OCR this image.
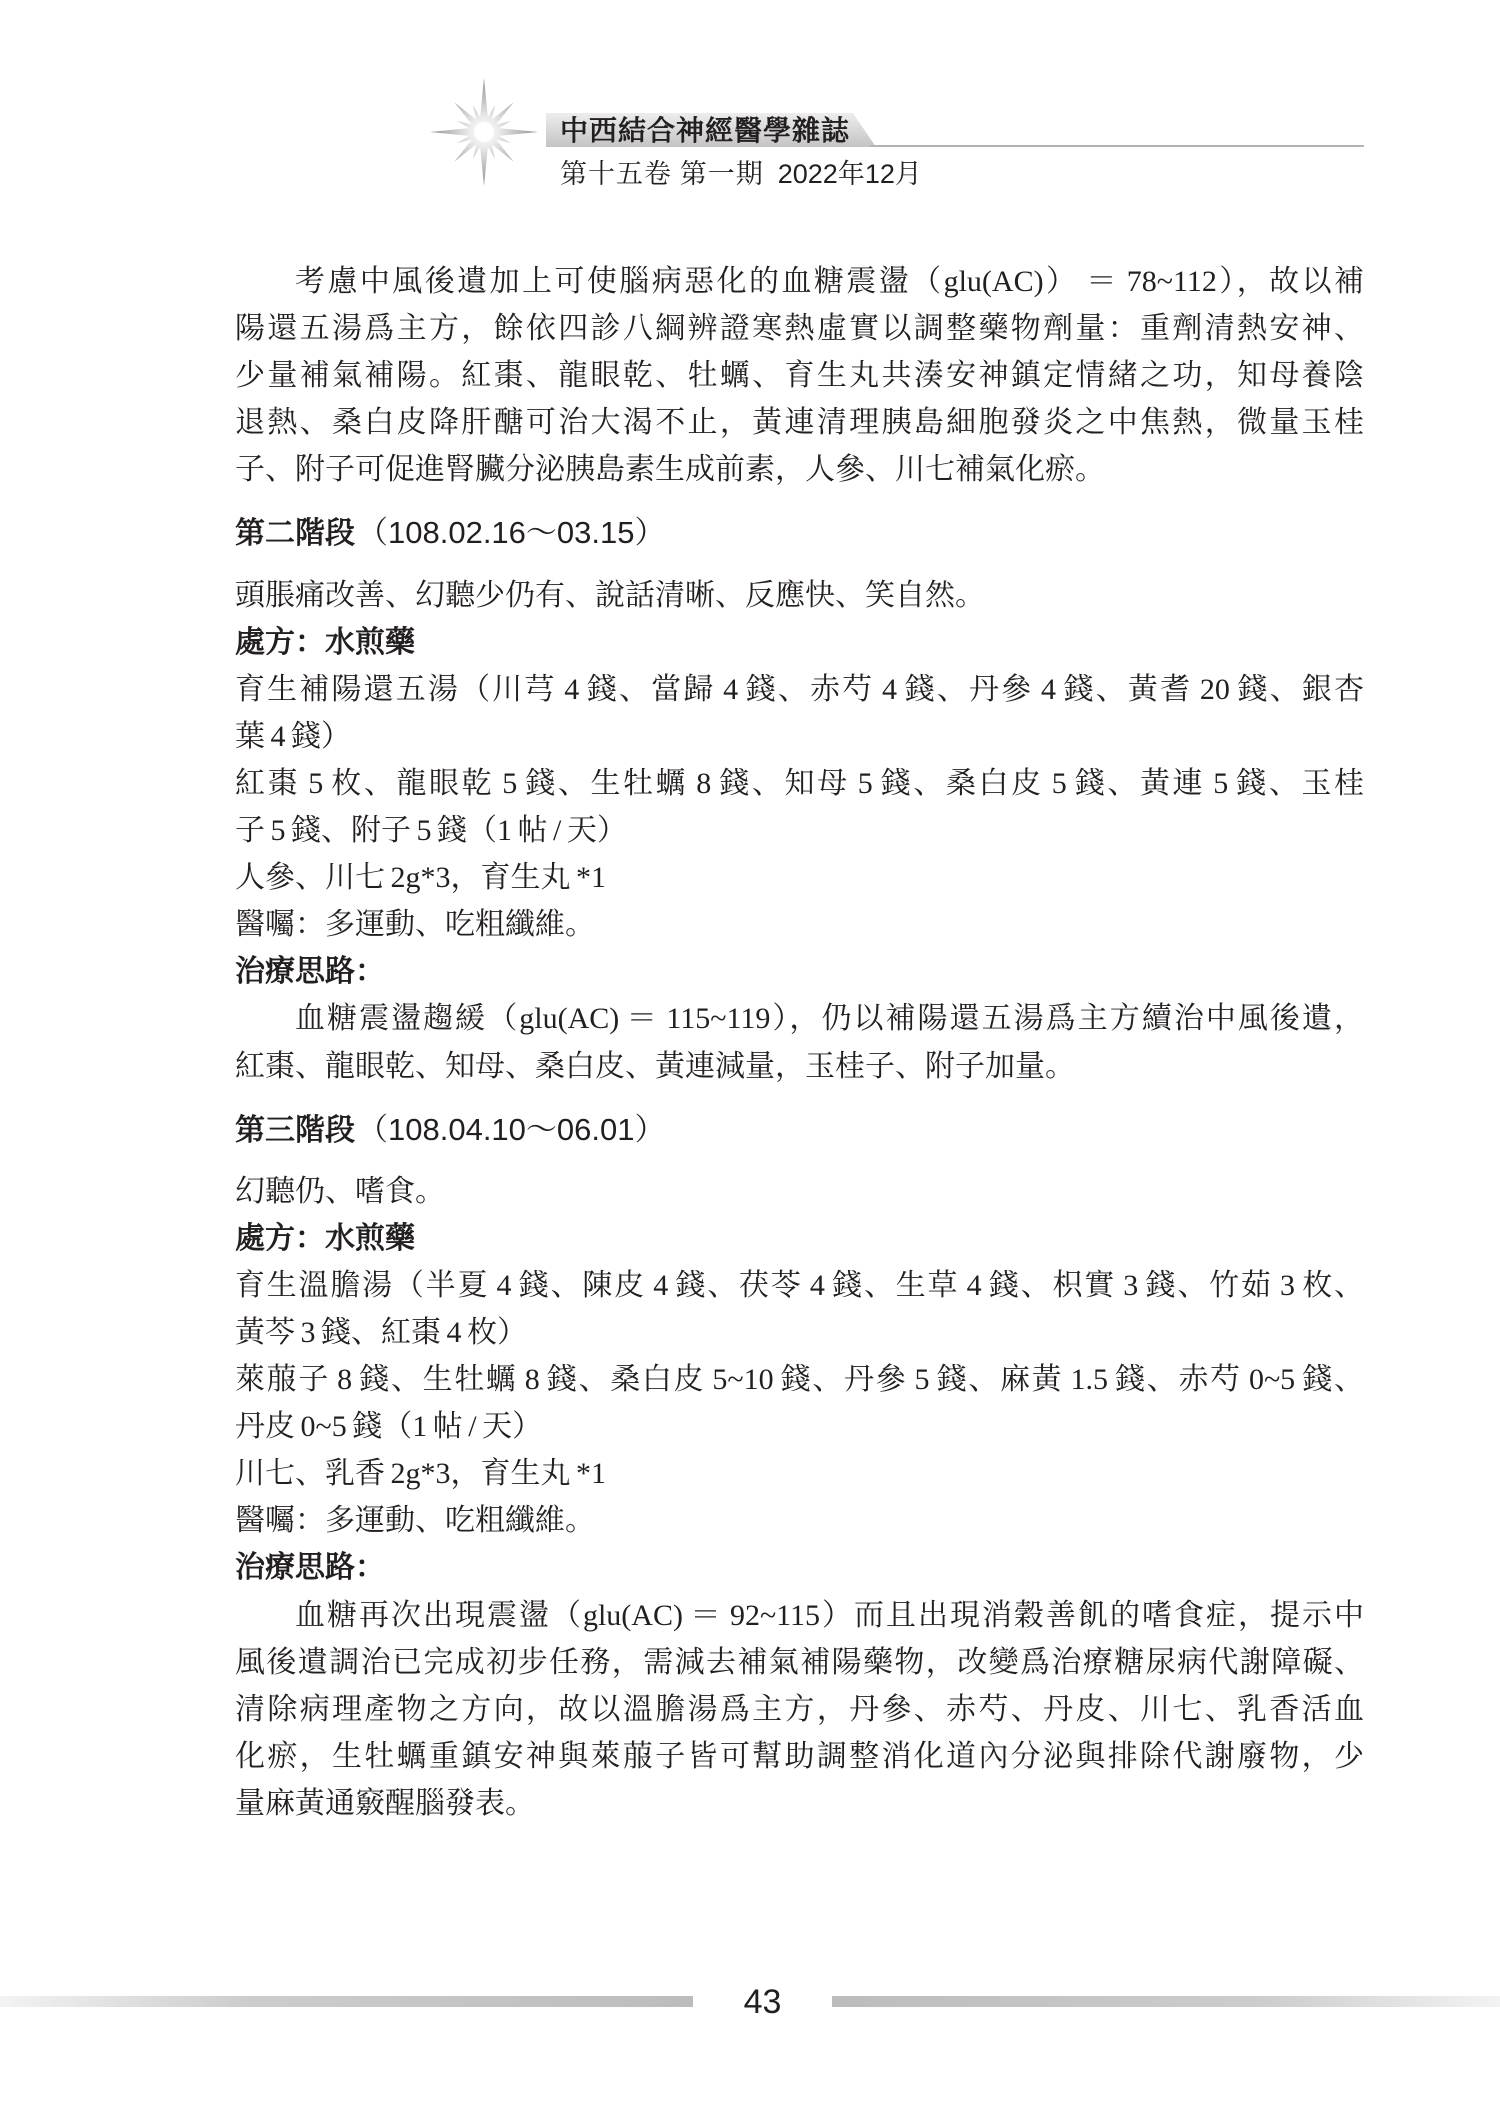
中西結合神經醫學雜誌
第十五卷 第一期 2022年12月
考慮中風後遺加上可使腦病惡化的血糖震盪（glu(AC)） ＝ 78~112），故以補
陽還五湯爲主方，餘依四診八綱辨證寒熱虛實以調整藥物劑量：重劑清熱安神、
少量補氣補陽。紅棗、龍眼乾、牡蠣、育生丸共湊安神鎮定情緒之功，知母養陰
退熱、桑白皮降肝醣可治大渴不止，黃連清理胰島細胞發炎之中焦熱，微量玉桂
子、附子可促進腎臟分泌胰島素生成前素，人參、川七補氣化瘀。
第二階段（108.02.16～03.15）
頭脹痛改善、幻聽少仍有、說話清晰、反應快、笑自然。
處方：水煎藥
育生補陽還五湯（川芎 4 錢、當歸 4 錢、赤芍 4 錢、丹參 4 錢、黃耆 20 錢、銀杏
葉 4 錢）
紅棗 5 枚、龍眼乾 5 錢、生牡蠣 8 錢、知母 5 錢、桑白皮 5 錢、黃連 5 錢、玉桂
子 5 錢、附子 5 錢（1 帖 / 天）
人參、川七 2g*3，育生丸 *1
醫囑：多運動、吃粗纖維。
治療思路：
血糖震盪趨緩（glu(AC) ＝ 115~119），仍以補陽還五湯爲主方續治中風後遺，
紅棗、龍眼乾、知母、桑白皮、黃連減量，玉桂子、附子加量。
第三階段（108.04.10～06.01）
幻聽仍、嗜食。
處方：水煎藥
育生溫膽湯（半夏 4 錢、陳皮 4 錢、茯苓 4 錢、生草 4 錢、枳實 3 錢、竹茹 3 枚、
黃芩 3 錢、紅棗 4 枚）
萊菔子 8 錢、生牡蠣 8 錢、桑白皮 5~10 錢、丹參 5 錢、麻黃 1.5 錢、赤芍 0~5 錢、
丹皮 0~5 錢（1 帖 / 天）
川七、乳香 2g*3，育生丸 *1
醫囑：多運動、吃粗纖維。
治療思路：
血糖再次出現震盪（glu(AC) ＝ 92~115）而且出現消穀善飢的嗜食症，提示中
風後遺調治已完成初步任務，需減去補氣補陽藥物，改變爲治療糖尿病代謝障礙、
清除病理產物之方向，故以溫膽湯爲主方，丹參、赤芍、丹皮、川七、乳香活血
化瘀，生牡蠣重鎮安神與萊菔子皆可幫助調整消化道內分泌與排除代謝廢物，少
量麻黃通竅醒腦發表。
43
